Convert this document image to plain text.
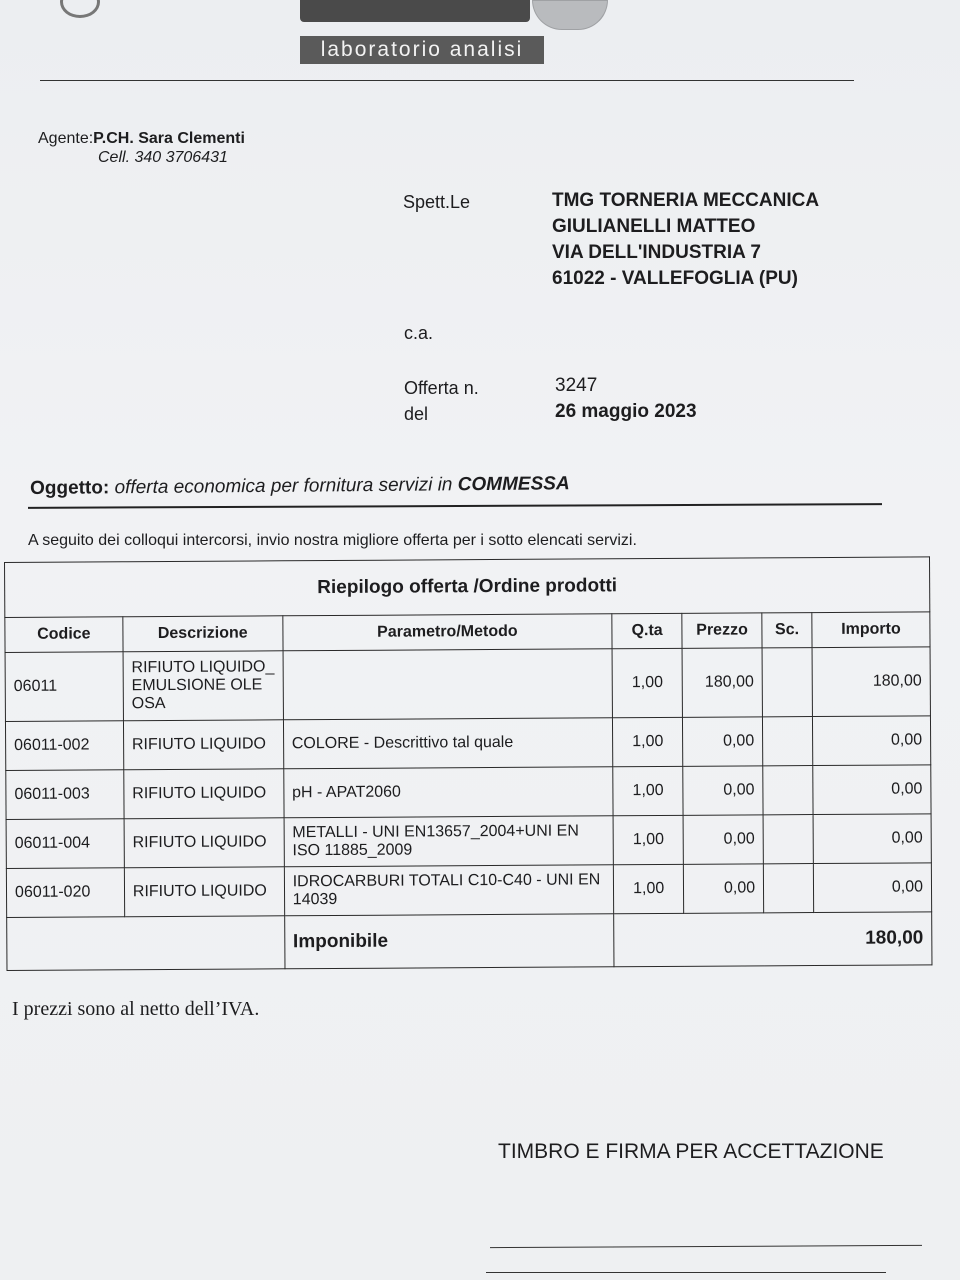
laboratorio analisi
Agente:P.CH. Sara Clementi
Cell. 340 3706431
Spett.Le	TMG TORNERIA MECCANICA
GIULIANELLI MATTEO
VIA DELL'INDUSTRIA 7
61022 - VALLEFOGLIA (PU)
c.a.
Offerta n.
del
3247
26 maggio 2023
Oggetto: offerta economica per fornitura servizi in COMMESSA
A seguito dei colloqui intercorsi, invio nostra migliore offerta per i sotto elencati servizi.
Riepilogo offerta /Ordine prodotti						
Codice	Descrizione	Parametro/Metodo	Q.ta	Prezzo	Sc.	Importo
06011	RIFIUTO LIQUIDO_EMULSIONE OLEOSA		1,00	180,00		180,00
06011-002	RIFIUTO LIQUIDO	COLORE - Descrittivo tal quale	1,00	0,00		0,00
06011-003	RIFIUTO LIQUIDO	pH - APAT2060	1,00	0,00		0,00
06011-004	RIFIUTO LIQUIDO	METALLI - UNI EN13657_2004+UNI EN ISO 11885_2009	1,00	0,00		0,00
06011-020	RIFIUTO LIQUIDO	IDROCARBURI TOTALI C10-C40 - UNI EN 14039	1,00	0,00		0,00
		Imponibile	180,00			
I prezzi sono al netto dell’IVA.
TIMBRO E FIRMA PER ACCETTAZIONE
